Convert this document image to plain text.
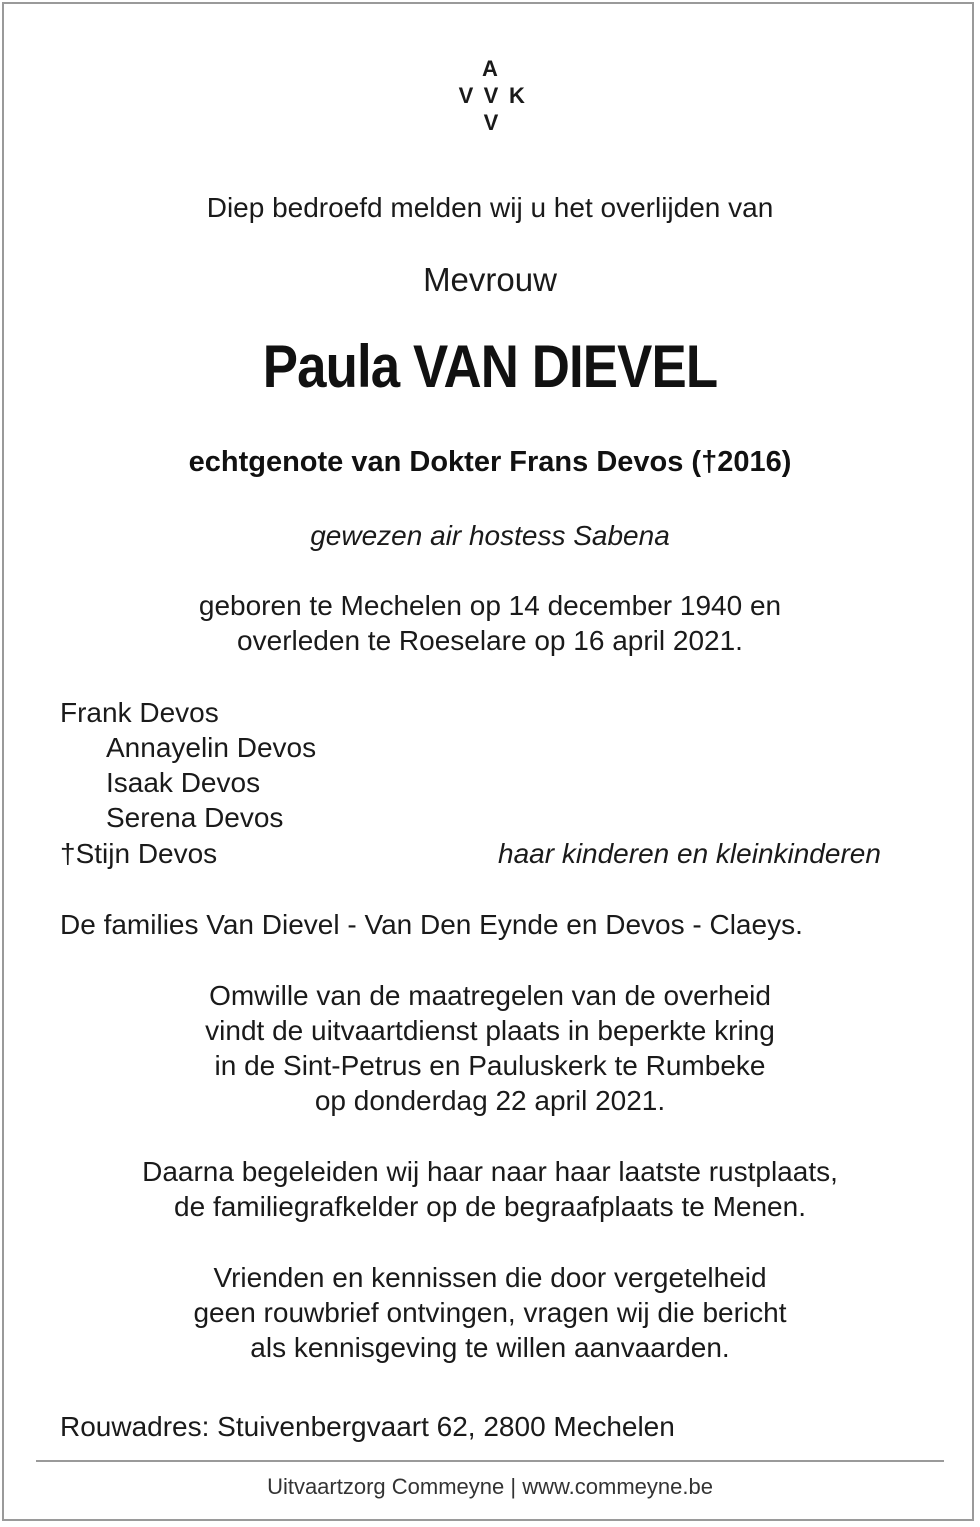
A
V V K
V
Diep bedroefd melden wij u het overlijden van
Mevrouw
Paula VAN DIEVEL
echtgenote van Dokter Frans Devos (†2016)
gewezen air hostess Sabena
geboren te Mechelen op 14 december 1940 en
overleden te Roeselare op 16 april 2021.
Frank Devos
Annayelin Devos
Isaak Devos
Serena Devos
†Stijn Devos	haar kinderen en kleinkinderen
De families Van Dievel - Van Den Eynde en Devos - Claeys.
Omwille van de maatregelen van de overheid
vindt de uitvaartdienst plaats in beperkte kring
in de Sint-Petrus en Pauluskerk te Rumbeke
op donderdag 22 april 2021.
Daarna begeleiden wij haar naar haar laatste rustplaats,
de familiegrafkelder op de begraafplaats te Menen.
Vrienden en kennissen die door vergetelheid
geen rouwbrief ontvingen, vragen wij die bericht
als kennisgeving te willen aanvaarden.
Rouwadres: Stuivenbergvaart 62, 2800 Mechelen
Uitvaartzorg Commeyne | www.commeyne.be
